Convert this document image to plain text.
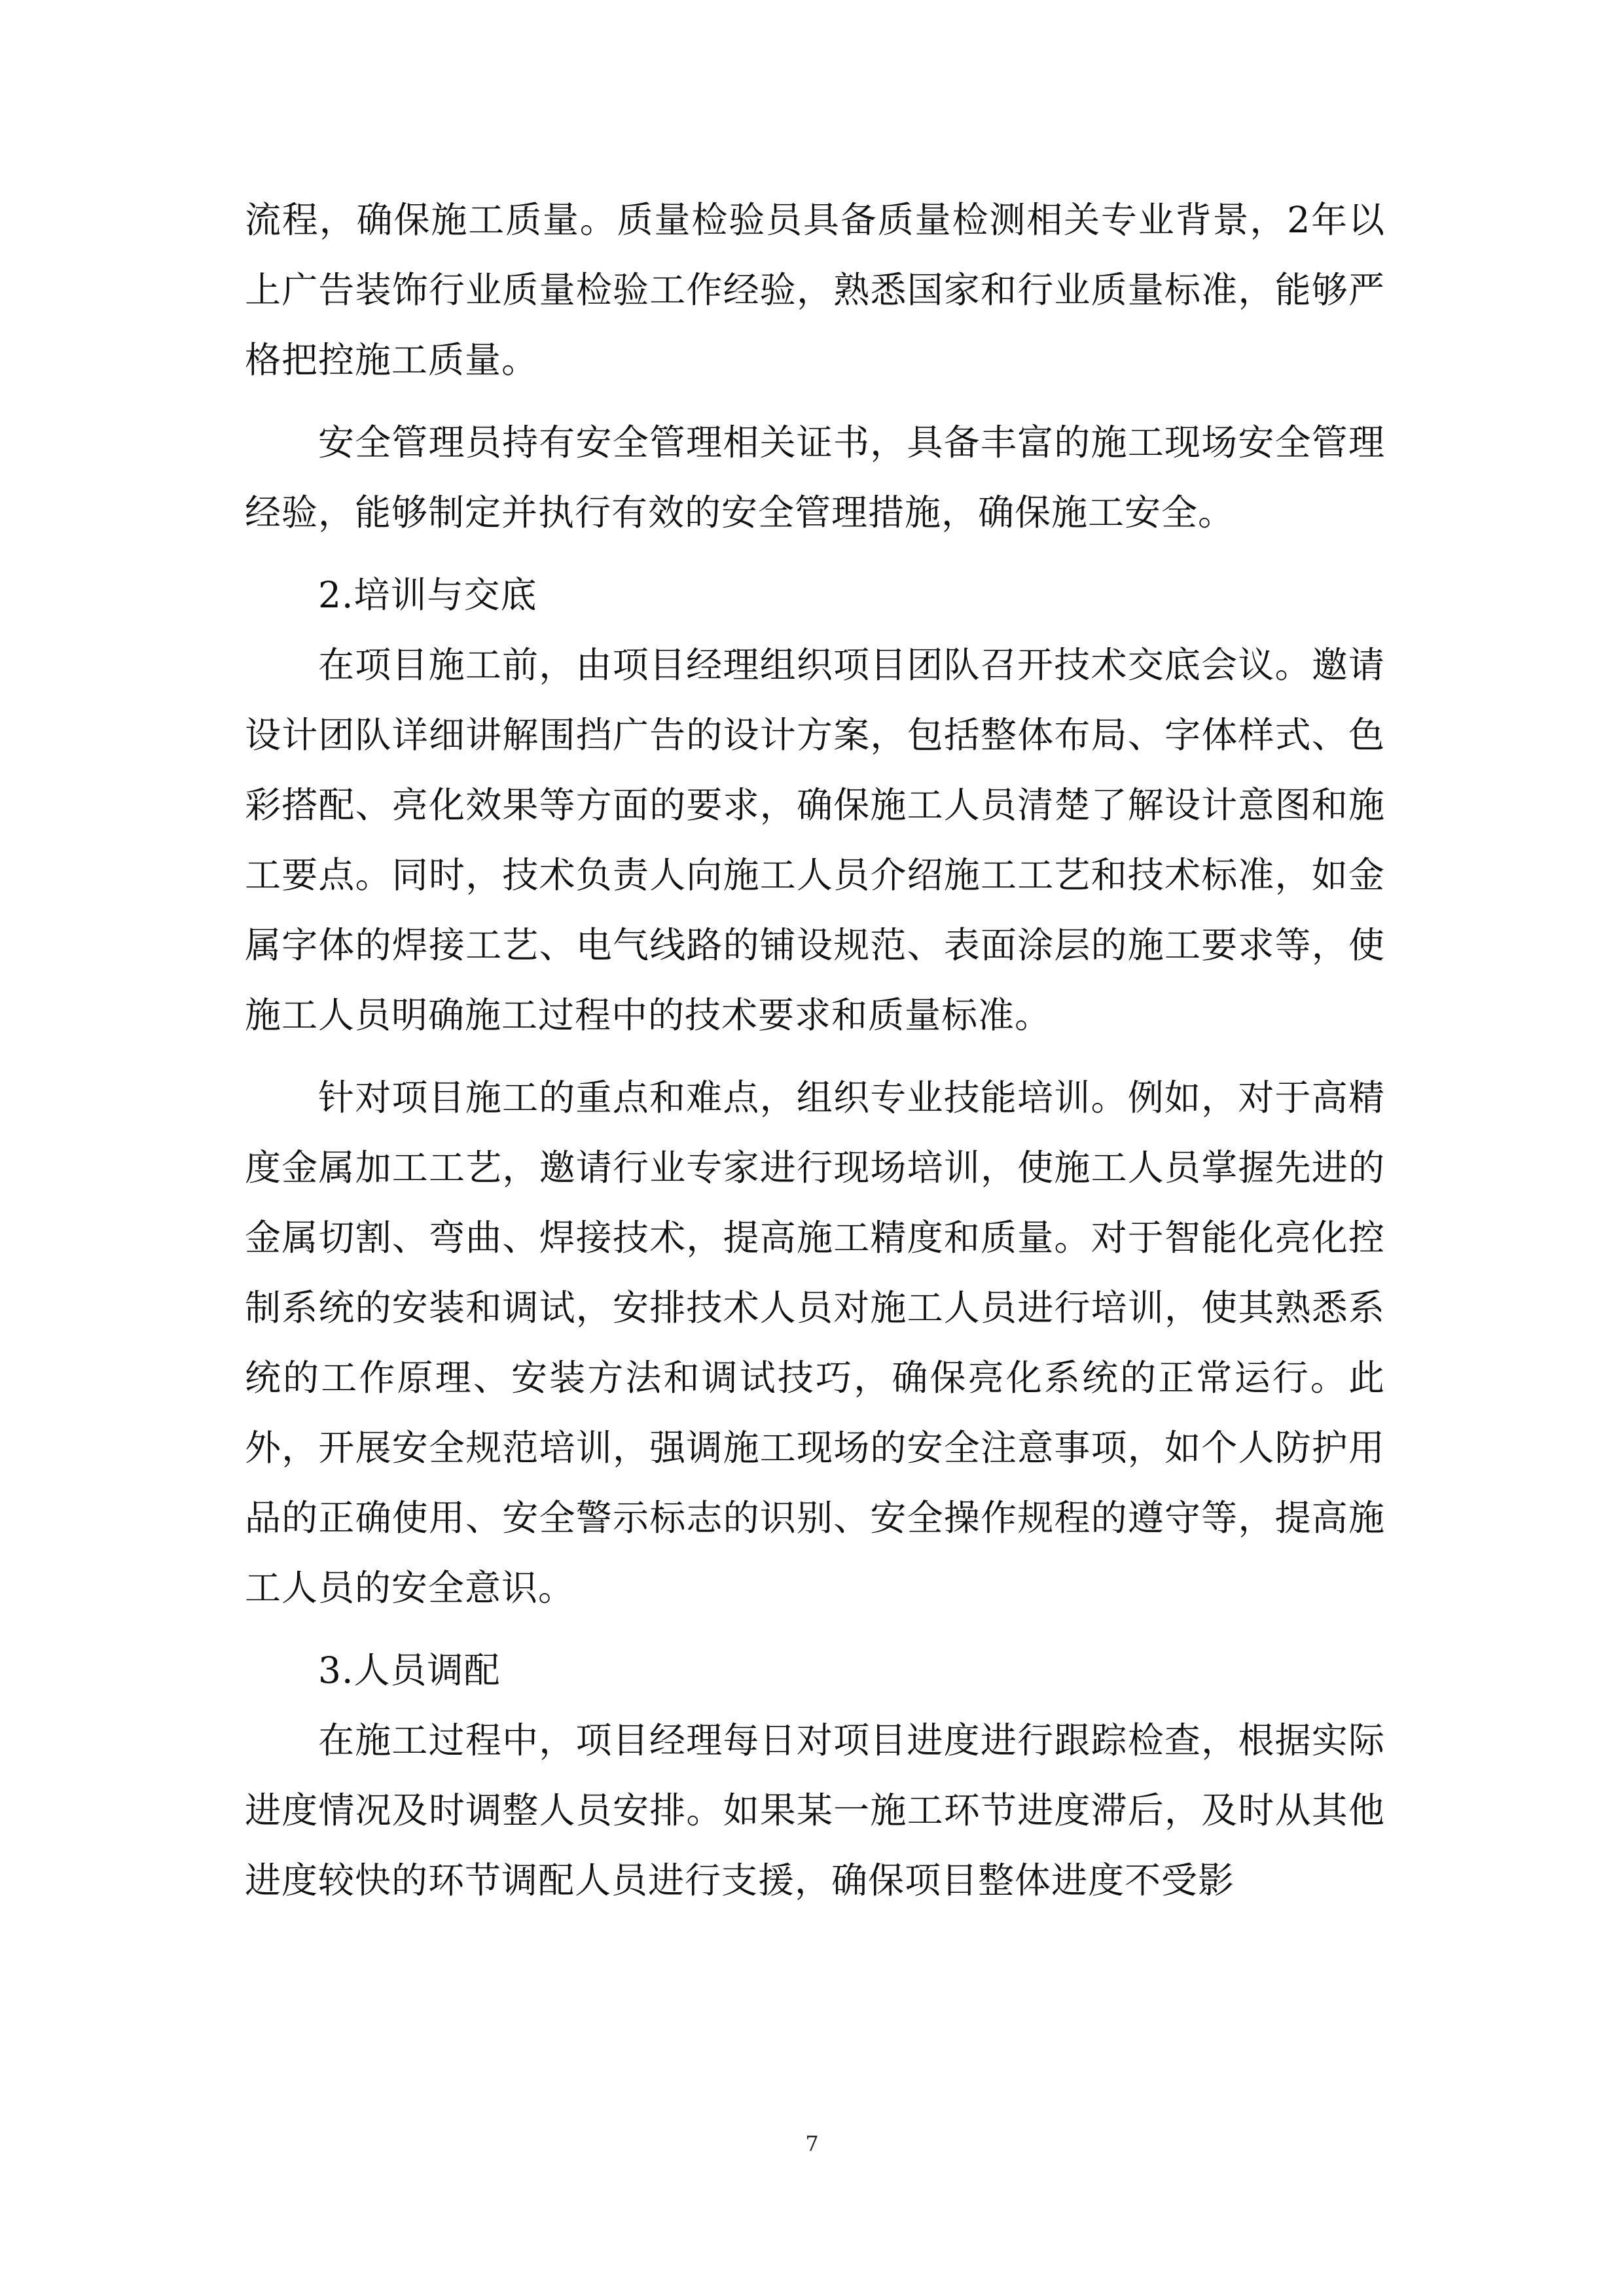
流程，确保施工质量。质量检验员具备质量检测相关专业背景，2年以上广告装饰行业质量检验工作经验，熟悉国家和行业质量标准，能够严格把控施工质量。

安全管理员持有安全管理相关证书，具备丰富的施工现场安全管理经验，能够制定并执行有效的安全管理措施，确保施工安全。

2.培训与交底

在项目施工前，由项目经理组织项目团队召开技术交底会议。邀请设计团队详细讲解围挡广告的设计方案，包括整体布局、字体样式、色彩搭配、亮化效果等方面的要求，确保施工人员清楚了解设计意图和施工要点。同时，技术负责人向施工人员介绍施工工艺和技术标准，如金属字体的焊接工艺、电气线路的铺设规范、表面涂层的施工要求等，使施工人员明确施工过程中的技术要求和质量标准。

针对项目施工的重点和难点，组织专业技能培训。例如，对于高精度金属加工工艺，邀请行业专家进行现场培训，使施工人员掌握先进的金属切割、弯曲、焊接技术，提高施工精度和质量。对于智能化亮化控制系统的安装和调试，安排技术人员对施工人员进行培训，使其熟悉系统的工作原理、安装方法和调试技巧，确保亮化系统的正常运行。此外，开展安全规范培训，强调施工现场的安全注意事项，如个人防护用品的正确使用、安全警示标志的识别、安全操作规程的遵守等，提高施工人员的安全意识。

3.人员调配

在施工过程中，项目经理每日对项目进度进行跟踪检查，根据实际进度情况及时调整人员安排。如果某一施工环节进度滞后，及时从其他进度较快的环节调配人员进行支援，确保项目整体进度不受影

7
